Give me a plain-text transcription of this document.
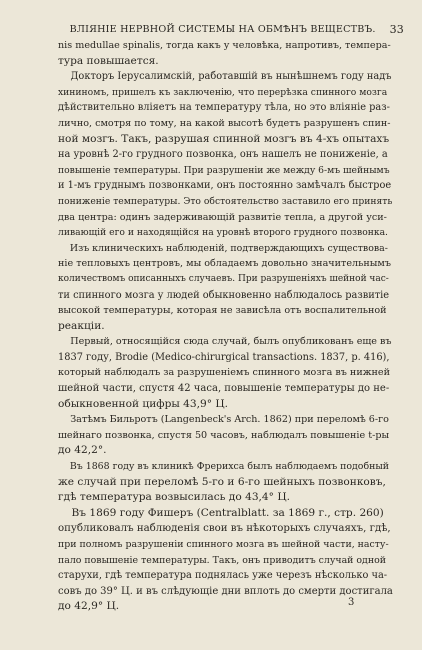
ВЛІЯНІЕ НЕРВНОЙ СИСТЕМЫ НА ОБМѢНЪ ВЕЩЕСТВЪ. 33
nis medullae spinalis, тогда какъ у человѣка, напротивъ, темпера-
тура повышается.
Докторъ Іерусалимскій, работавшій въ нынѣшнемъ году надъ
хининомъ, пришелъ къ заключенію, что перерѣзка спинного мозга
дѣйствительно вліяетъ на температуру тѣла, но это вліяніе раз-
лично, смотря по тому, на какой высотѣ будетъ разрушенъ спин-
ной мозгъ. Такъ, разрушая спинной мозгъ въ 4-хъ опытахъ
на уровнѣ 2-го грудного позвонка, онъ нашелъ не пониженіе, а
повышеніе температуры. При разрушеніи же между 6-мъ шейнымъ
и 1-мъ груднымъ позвонками, онъ постоянно замѣчалъ быстрое
пониженіе температуры. Это обстоятельство заставило его принять
два центра: одинъ задерживающій развитіе тепла, а другой уси-
ливающій его и находящійся на уровнѣ второго грудного позвонка.
Изъ клиническихъ наблюденій, подтверждающихъ существова-
ніе тепловыхъ центровъ, мы обладаемъ довольно значительнымъ
количествомъ описанныхъ случаевъ. При разрушеніяхъ шейной час-
ти спинного мозга у людей обыкновенно наблюдалось развитіе
высокой температуры, которая не зависѣла отъ воспалительной
реакціи.
Первый, относящійся сюда случай, былъ опубликованъ еще въ
1837 году, Brodie (Medico-chirurgical transactions. 1837, p. 416),
который наблюдалъ за разрушеніемъ спинного мозга въ нижней
шейной части, спустя 42 часа, повышеніе температуры до не-
обыкновенной цифры 43,9° Ц.
Затѣмъ Бильротъ (Langenbeck's Arch. 1862) при переломѣ 6-го
шейнаго позвонка, спустя 50 часовъ, наблюдалъ повышеніе t-ры
до 42,2°.
Въ 1868 году въ клиникѣ Фрерихса былъ наблюдаемъ подобный
же случай при переломѣ 5-го и 6-го шейныхъ позвонковъ,
гдѣ температура возвысилась до 43,4° Ц.
Въ 1869 году Фишеръ (Centralblatt. за 1869 г., стр. 260)
опубликовалъ наблюденія свои въ нѣкоторыхъ случаяхъ, гдѣ,
при полномъ разрушеніи спинного мозга въ шейной части, насту-
пало повышеніе температуры. Такъ, онъ приводитъ случай одной
старухи, гдѣ температура поднялась уже черезъ нѣсколько ча-
совъ до 39° Ц. и въ слѣдующіе дни вплоть до смерти достигала
до 42,9° Ц.	3
